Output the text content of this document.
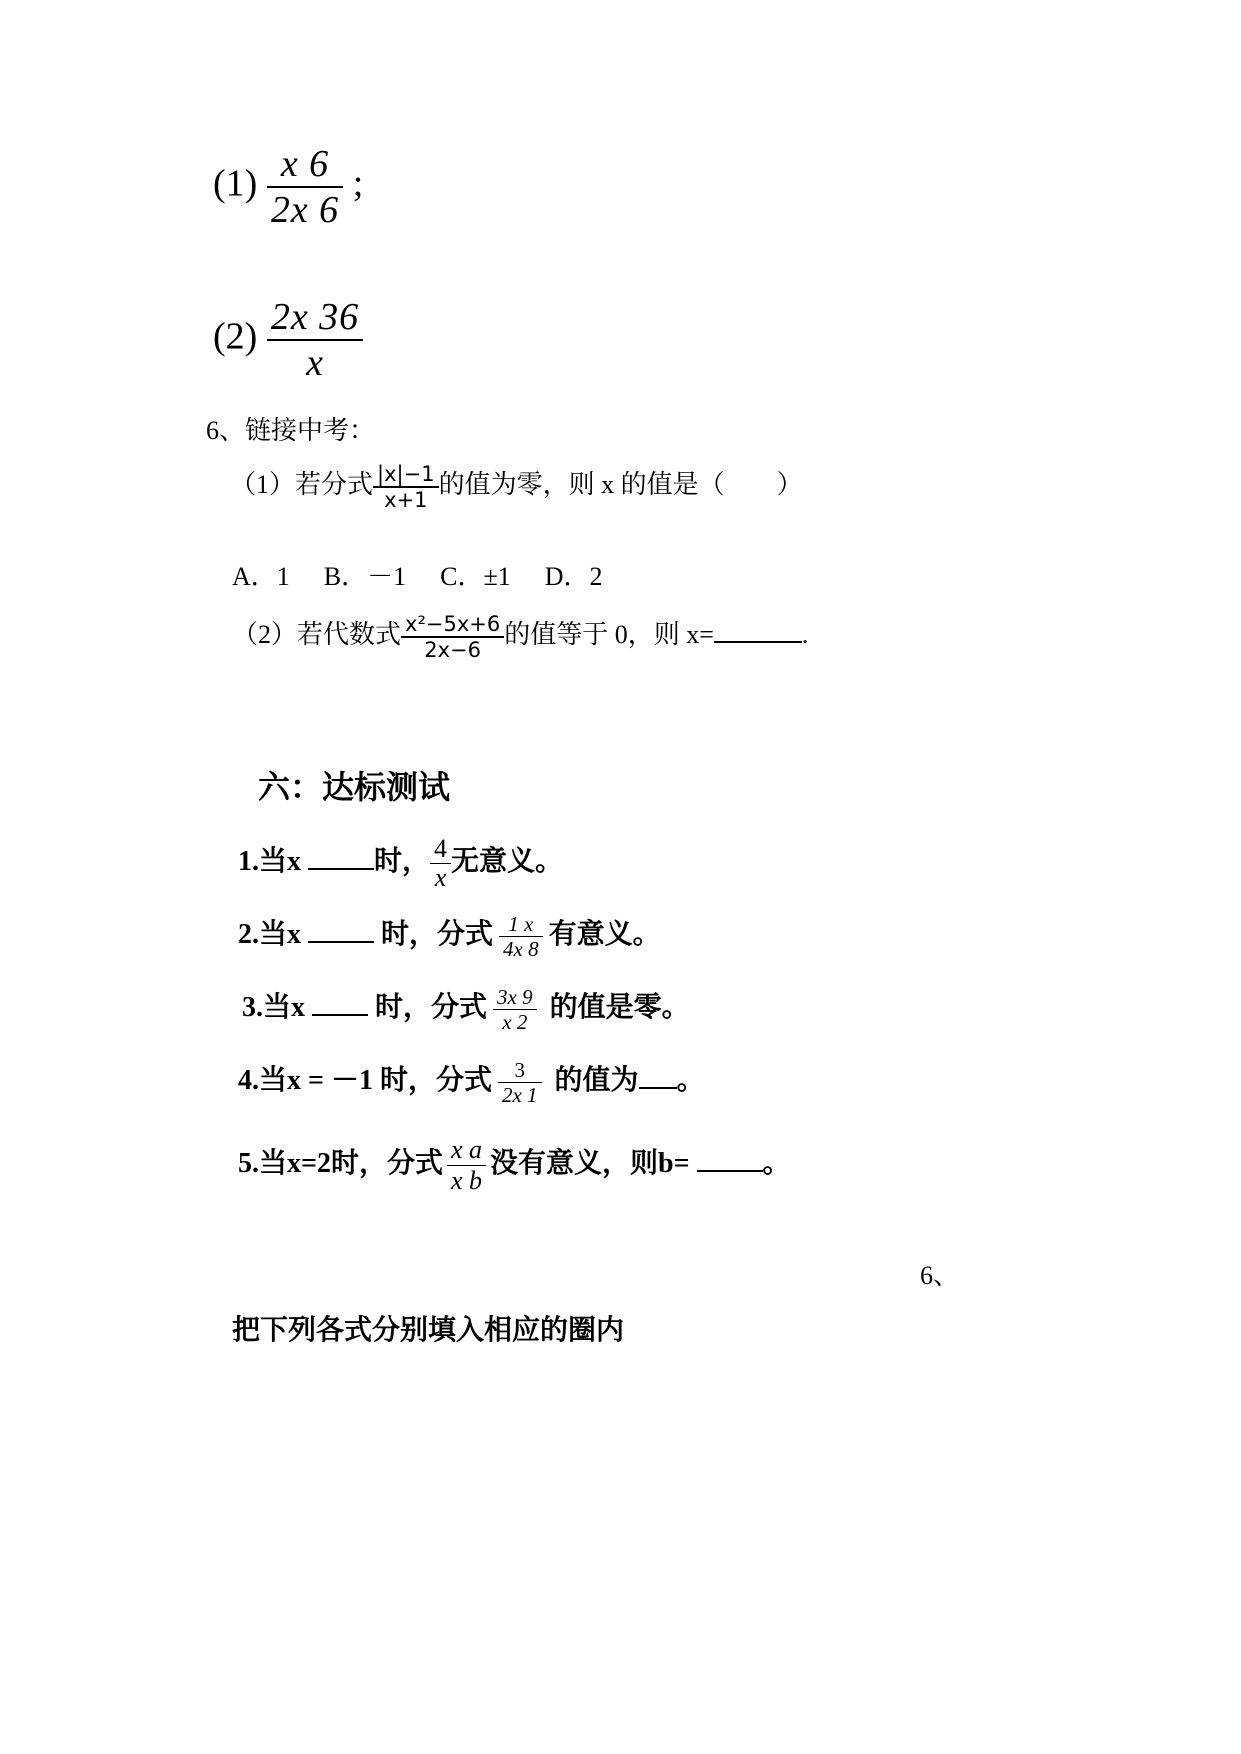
$(1) \frac{x 6}{2x 6}$ ;
$(2) \frac{2x 36}{x}$
6、链接中考：
（1）若分式 $\frac{|x|-1}{x+1}$ 的值为零，则 x 的值是（　　）
A．1 B．－1 C．±1 D．2
（2）若代数式 $\frac{\text{x²−5x+6}}{2x-6}$ 的值等于 0，则 x=	.
六：达标测试
1.当x 时， $\frac{4}{x}$ 无意义。
2.当x  时，分式 $\frac{1 x}{4x 8}$ 有意义。
3.当x  时，分式 $\frac{3x 9}{x 2}$ 的值是零。
4.当x = －1 时，分式 $\frac{3}{2x 1}$ 的值为 。
5.当x=2时，分式 $\frac{\text{x a}}{\text{x b}}$ 没有意义，则b= 。
6、
把下列各式分别填入相应的圈内
